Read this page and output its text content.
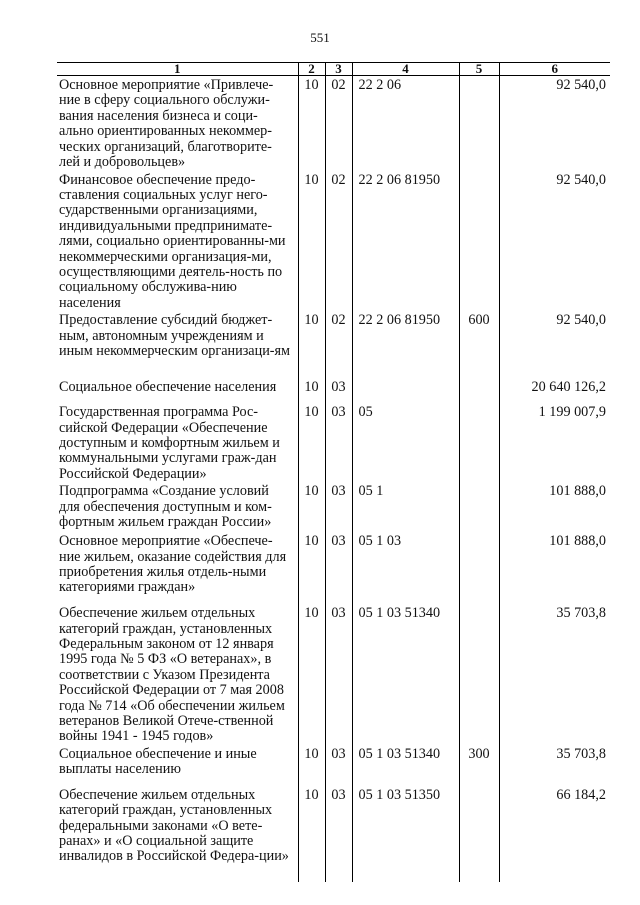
551
1	2	3	4	5	6
Основное мероприятие «Привлече-ние в сферу социального обслужи-вания населения бизнеса и соци-ально ориентированных некоммер-ческих организаций, благотворите-лей и добровольцев»	10	02	22 2 06		92 540,0
Финансовое обеспечение предо-ставления социальных услуг него-сударственными организациями, индивидуальными предпринимате-лями, социально ориентированны-ми некоммерческими организация-ми, осуществляющими деятель-ность по социальному обслужива-нию населения	10	02	22 2 06 81950		92 540,0
Предоставление субсидий бюджет-ным, автономным учреждениям и иным некоммерческим организаци-ям	10	02	22 2 06 81950	600	92 540,0
Социальное обеспечение населения	10	03			20 640 126,2
Государственная программа Рос-сийской Федерации «Обеспечение доступным и комфортным жильем и коммунальными услугами граж-дан Российской Федерации»	10	03	05		1 199 007,9
Подпрограмма «Создание условий для обеспечения доступным и ком-фортным жильем граждан России»	10	03	05 1		101 888,0
Основное мероприятие «Обеспече-ние жильем, оказание содействия для приобретения жилья отдель-ными категориями граждан»	10	03	05 1 03		101 888,0
Обеспечение жильем отдельных категорий граждан, установленных Федеральным законом от 12 января 1995 года № 5 ФЗ «О ветеранах», в соответствии с Указом Президента Российской Федерации от 7 мая 2008 года № 714 «Об обеспечении жильем ветеранов Великой Отече-ственной войны 1941 - 1945 годов»	10	03	05 1 03 51340		35 703,8
Социальное обеспечение и иные выплаты населению	10	03	05 1 03 51340	300	35 703,8
Обеспечение жильем отдельных категорий граждан, установленных федеральными законами «О вете-ранах» и «О социальной защите инвалидов в Российской Федера-ции»	10	03	05 1 03 51350		66 184,2
